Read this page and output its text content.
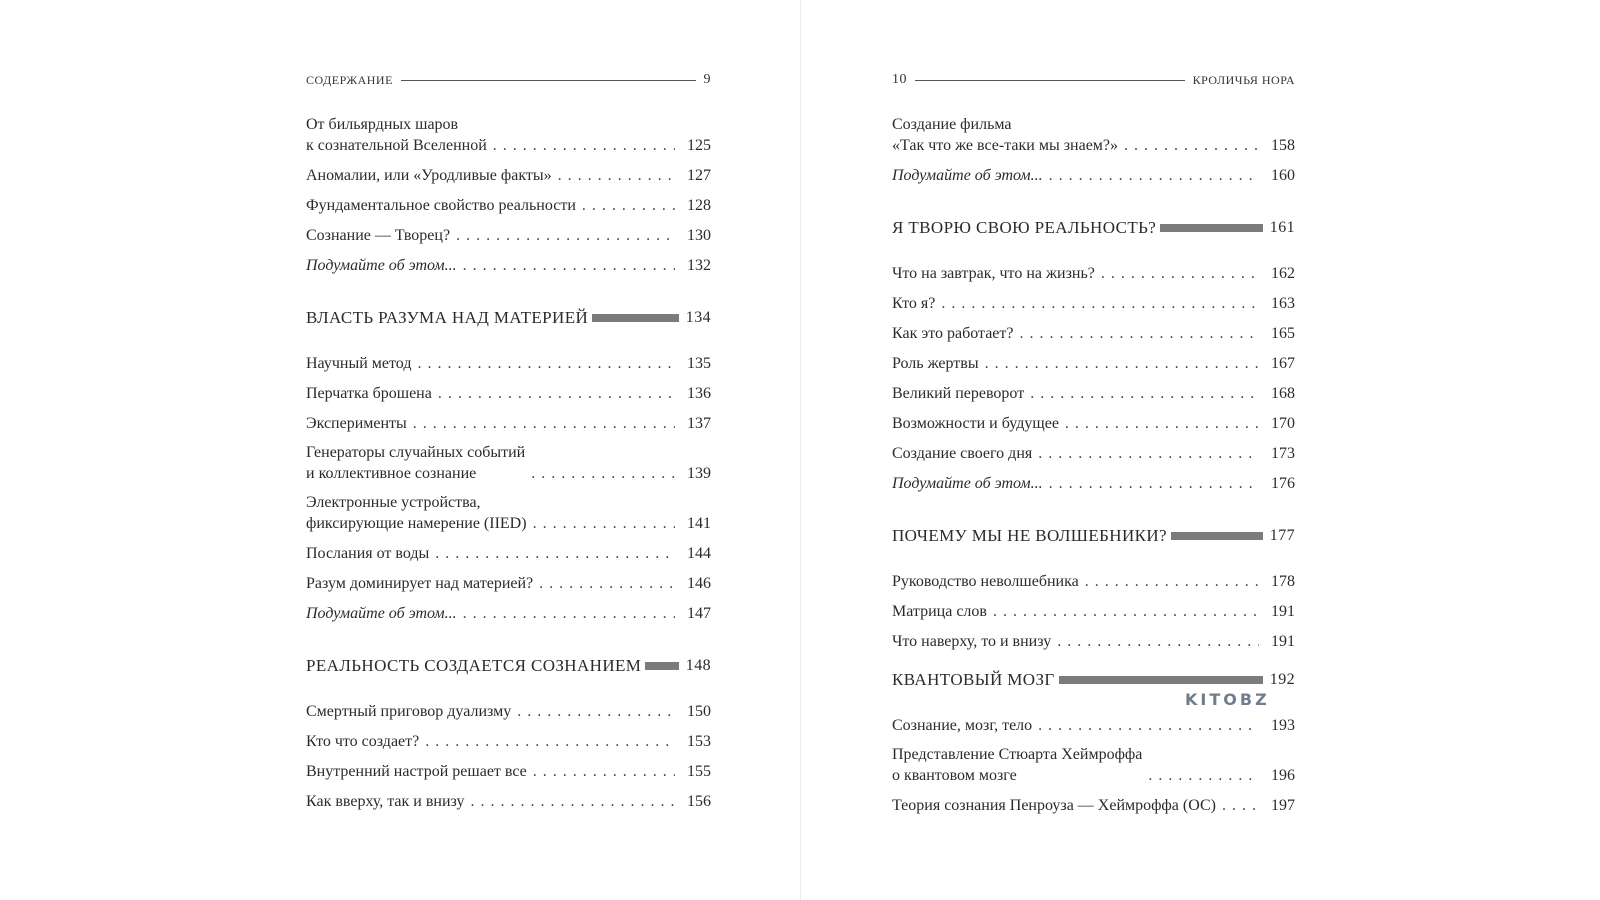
СОДЕРЖАНИЕ	9
От бильярдных шаров
к сознательной Вселенной . . .	125
Аномалии, или «Уродливые факты» . . .	127
Фундаментальное свойство реальности . . .	128
Сознание — Творец? . . .	130
Подумайте об этом... . . .	132
ВЛАСТЬ РАЗУМА НАД МАТЕРИЕЙ	134
Научный метод . . .	135
Перчатка брошена . . .	136
Эксперименты . . .	137
Генераторы случайных событий
и коллективное сознание . . .	139
Электронные устройства,
фиксирующие намерение (IIED) . . .	141
Послания от воды . . .	144
Разум доминирует над материей? . . .	146
Подумайте об этом... . . .	147
РЕАЛЬНОСТЬ СОЗДАЕТСЯ СОЗНАНИЕМ	148
Смертный приговор дуализму . . .	150
Кто что создает? . . .	153
Внутренний настрой решает все . . .	155
Как вверху, так и внизу . . .	156
10	КРОЛИЧЬЯ НОРА
Создание фильма
«Так что же все-таки мы знаем?» . . .	158
Подумайте об этом... . . .	160
Я ТВОРЮ СВОЮ РЕАЛЬНОСТЬ?	161
Что на завтрак, что на жизнь? . . .	162
Кто я? . . .	163
Как это работает? . . .	165
Роль жертвы . . .	167
Великий переворот . . .	168
Возможности и будущее . . .	170
Создание своего дня . . .	173
Подумайте об этом... . . .	176
ПОЧЕМУ МЫ НЕ ВОЛШЕБНИКИ?	177
Руководство неволшебника . . .	178
Матрица слов . . .	191
Что наверху, то и внизу . . .	191
КВАНТОВЫЙ МОЗГ	192
Сознание, мозг, тело . . .	193
Представление Стюарта Хеймроффа
о квантовом мозге . . .	196
Теория сознания Пенроуза — Хеймроффа (ОС) . . .	197
KITOBZ
